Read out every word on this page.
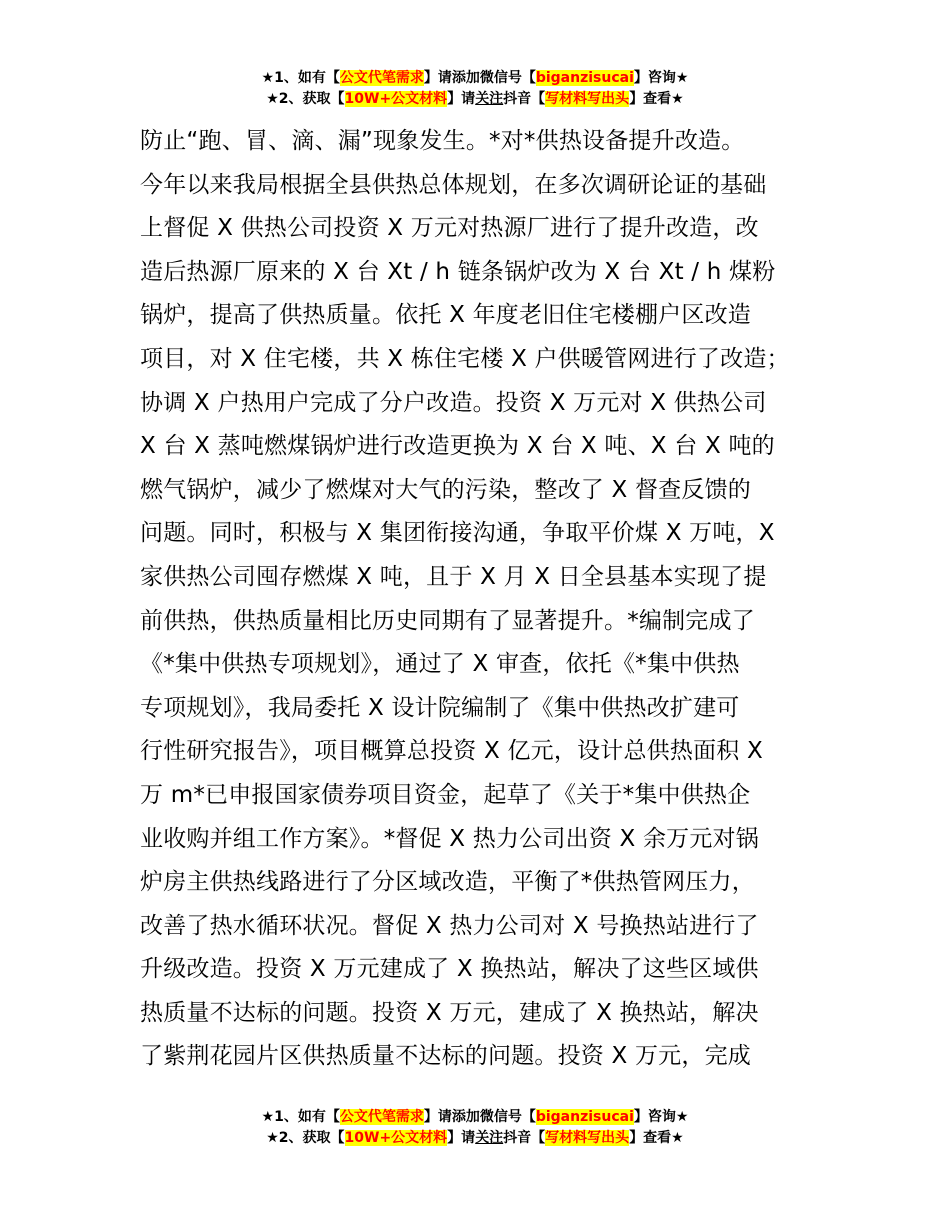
★1、如有【公文代笔需求】请添加微信号【biganzisucai】咨询★
★2、获取【10W+公文材料】请关注抖音【写材料写出头】查看★
防止“跑、冒、滴、漏”现象发生。*对*供热设备提升改造。
今年以来我局根据全县供热总体规划，在多次调研论证的基础
上督促 X 供热公司投资 X 万元对热源厂进行了提升改造，改
造后热源厂原来的 X 台 Xt / h 链条锅炉改为 X 台 Xt / h 煤粉
锅炉，提高了供热质量。依托 X 年度老旧住宅楼棚户区改造
项目，对 X 住宅楼，共 X 栋住宅楼 X 户供暖管网进行了改造；
协调 X 户热用户完成了分户改造。投资 X 万元对 X 供热公司
X 台 X 蒸吨燃煤锅炉进行改造更换为 X 台 X 吨、X 台 X 吨的
燃气锅炉，减少了燃煤对大气的污染，整改了 X 督查反馈的
问题。同时，积极与 X 集团衔接沟通，争取平价煤 X 万吨，X
家供热公司囤存燃煤 X 吨，且于 X 月 X 日全县基本实现了提
前供热，供热质量相比历史同期有了显著提升。*编制完成了
《*集中供热专项规划》，通过了 X 审查，依托《*集中供热
专项规划》，我局委托 X 设计院编制了《集中供热改扩建可
行性研究报告》，项目概算总投资 X 亿元，设计总供热面积 X
万 m*已申报国家债券项目资金，起草了《关于*集中供热企
业收购并组工作方案》。*督促 X 热力公司出资 X 余万元对锅
炉房主供热线路进行了分区域改造，平衡了*供热管网压力，
改善了热水循环状况。督促 X 热力公司对 X 号换热站进行了
升级改造。投资 X 万元建成了 X 换热站，解决了这些区域供
热质量不达标的问题。投资 X 万元，建成了 X 换热站，解决
了紫荆花园片区供热质量不达标的问题。投资 X 万元，完成
★1、如有【公文代笔需求】请添加微信号【biganzisucai】咨询★
★2、获取【10W+公文材料】请关注抖音【写材料写出头】查看★
